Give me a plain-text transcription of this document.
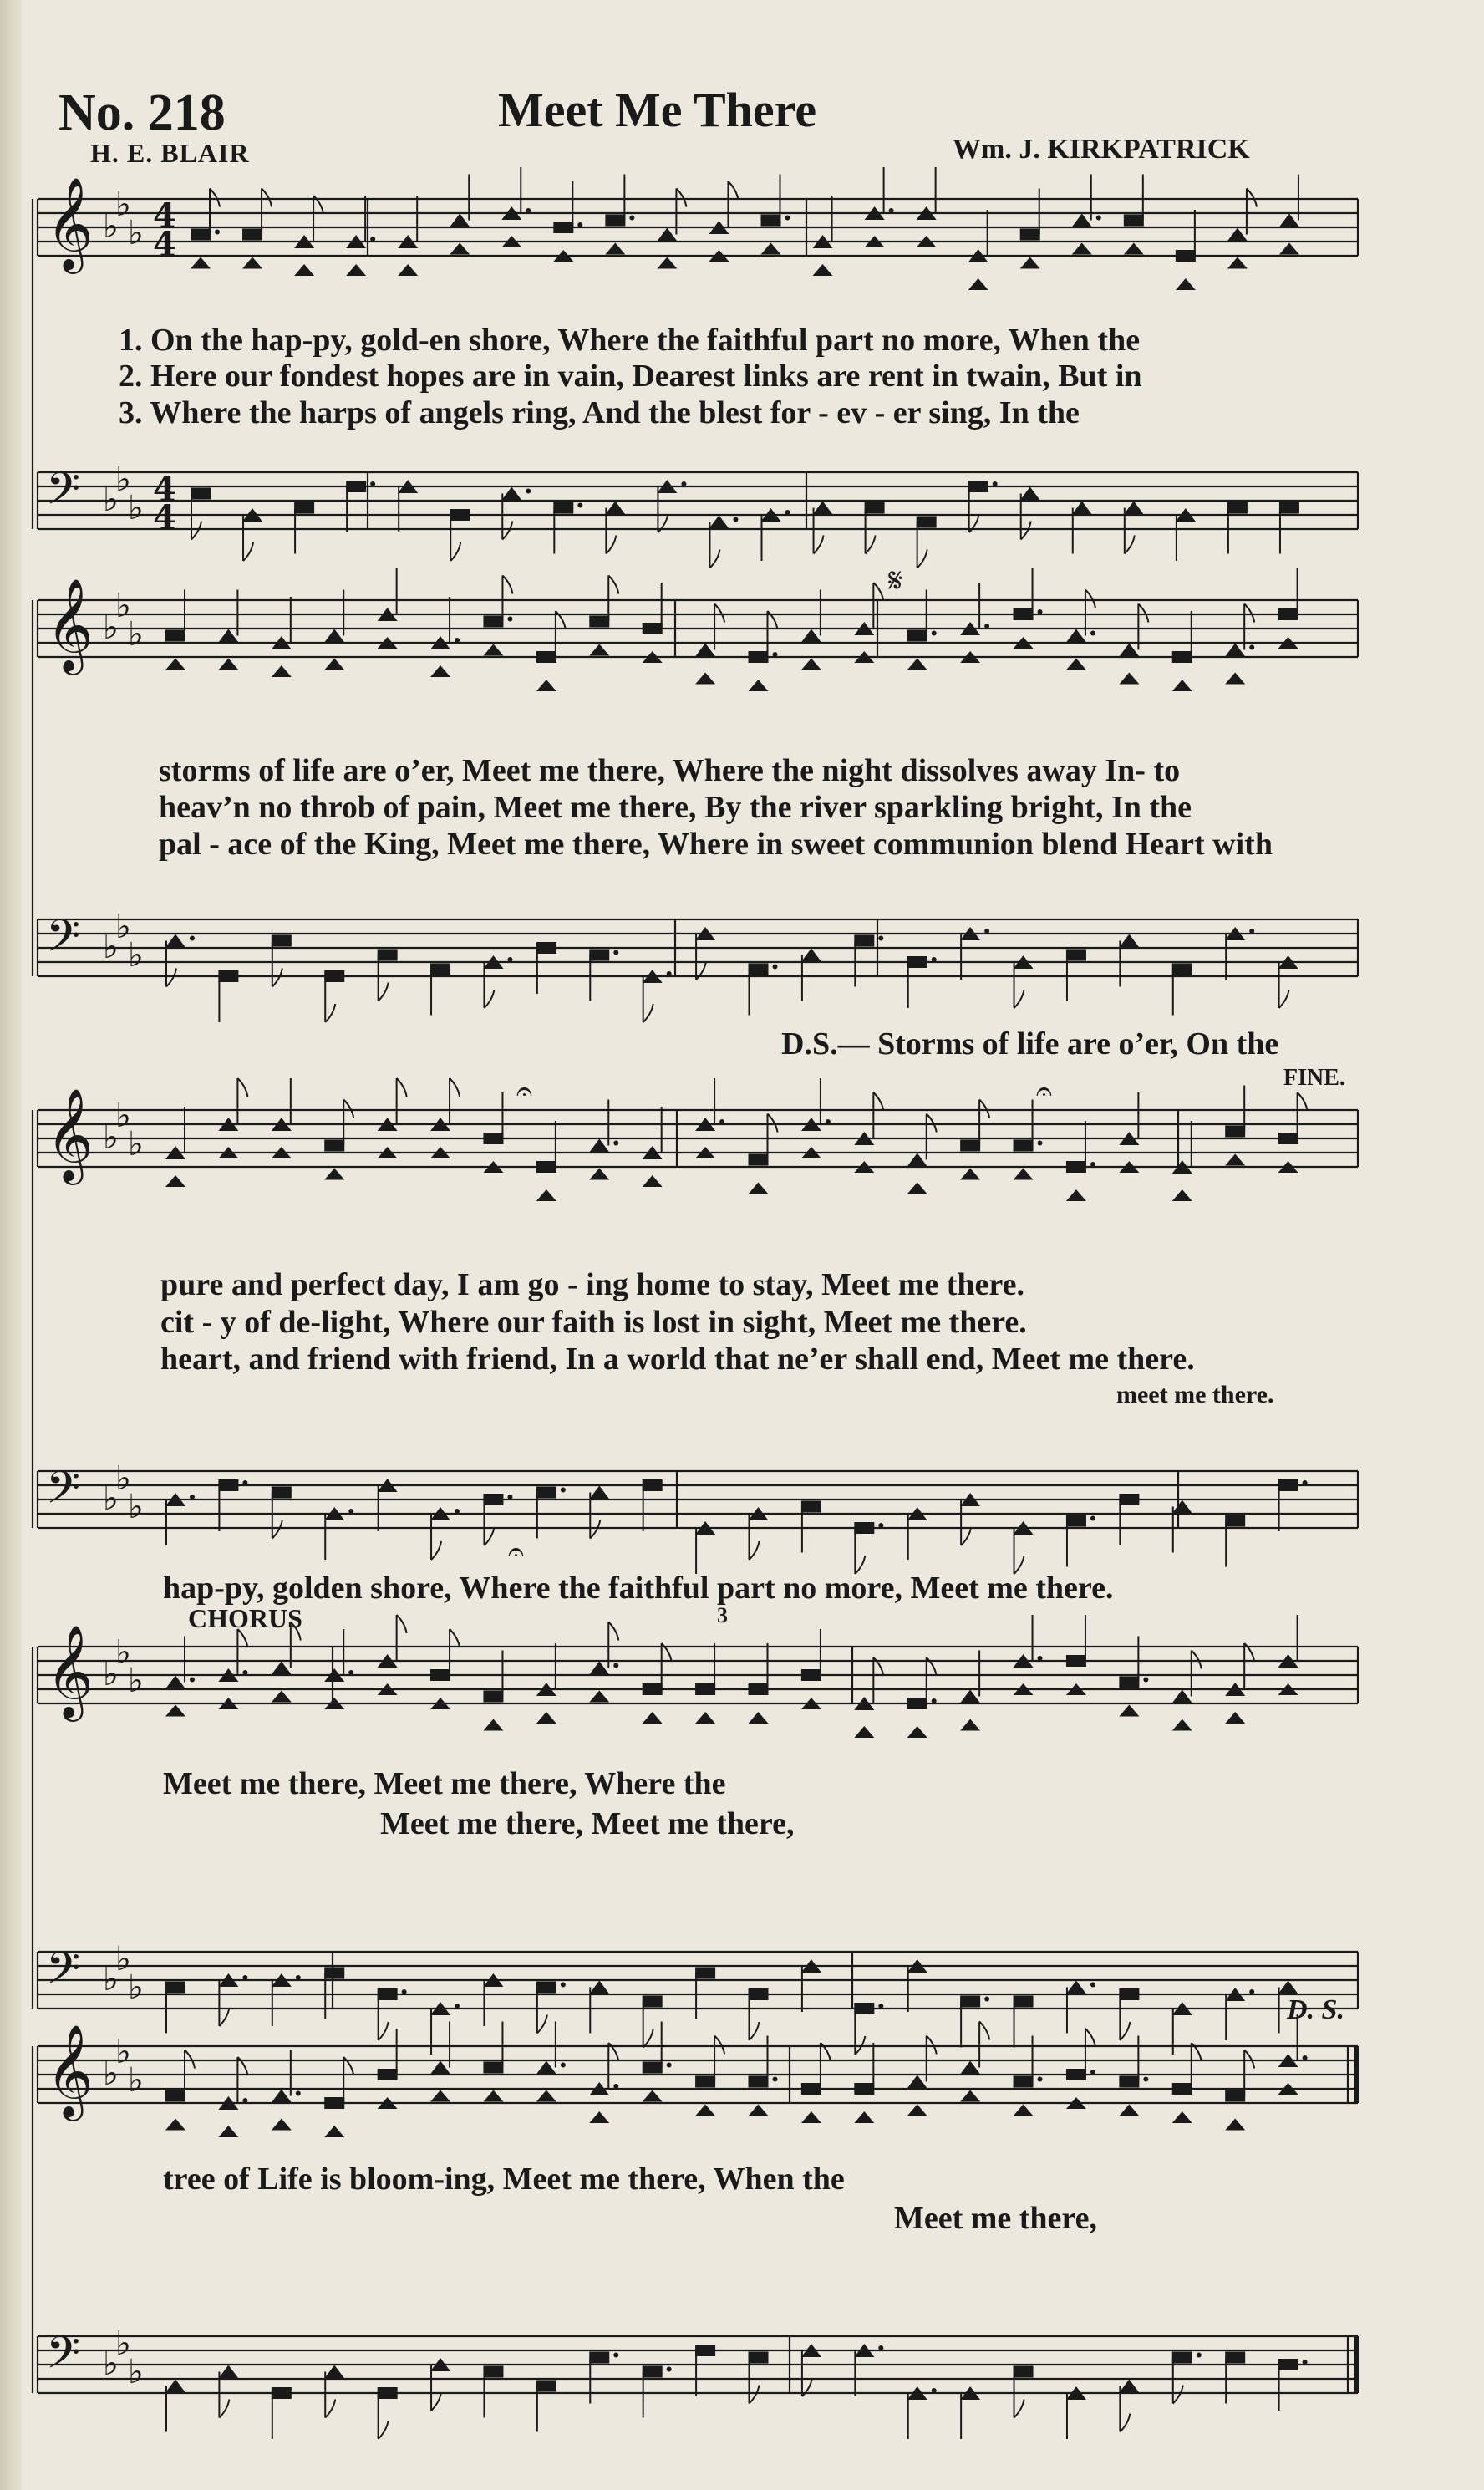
No. 218	Meet Me There
H. E. BLAIR	Wm. J. KIRKPATRICK
𝄞 ♭
♭
♭
𝄢 ♭
♭
♭
𝄞 ♭
♭
♭
𝄢 ♭
♭
♭
𝄞 ♭
♭
♭
𝄢 ♭
♭
♭
𝄞 ♭
♭
♭
𝄢 ♭
♭
♭
𝄞 ♭
♭
♭
𝄢 ♭
♭
♭
4
4
4
4
𝄋
𝄐	𝄐
𝄐
1. On the hap-py, gold-en shore, Where the faithful part no more, When the
2. Here our fondest hopes are in vain, Dearest links are rent in twain, But in
3. Where the harps of angels ring, And the blest for - ev - er sing, In the
storms of life are o’er, Meet me there, Where the night dissolves away In- to
heav’n no throb of pain, Meet me there, By the river sparkling bright, In the
pal - ace of the King, Meet me there, Where in sweet communion blend Heart with
D.S.— Storms of life are o’er, On the
FINE.
pure and perfect day, I am go - ing home to stay, Meet me there.
cit - y of de-light, Where our faith is lost in sight, Meet me there.
heart, and friend with friend, In a world that ne’er shall end, Meet me there.
meet me there.
hap-py, golden shore, Where the faithful part no more, Meet me there.
CHORUS	3
Meet me there, Meet me there, Where the
Meet me there, Meet me there,
D. S.
tree of Life is bloom-ing, Meet me there, When the
Meet me there,
